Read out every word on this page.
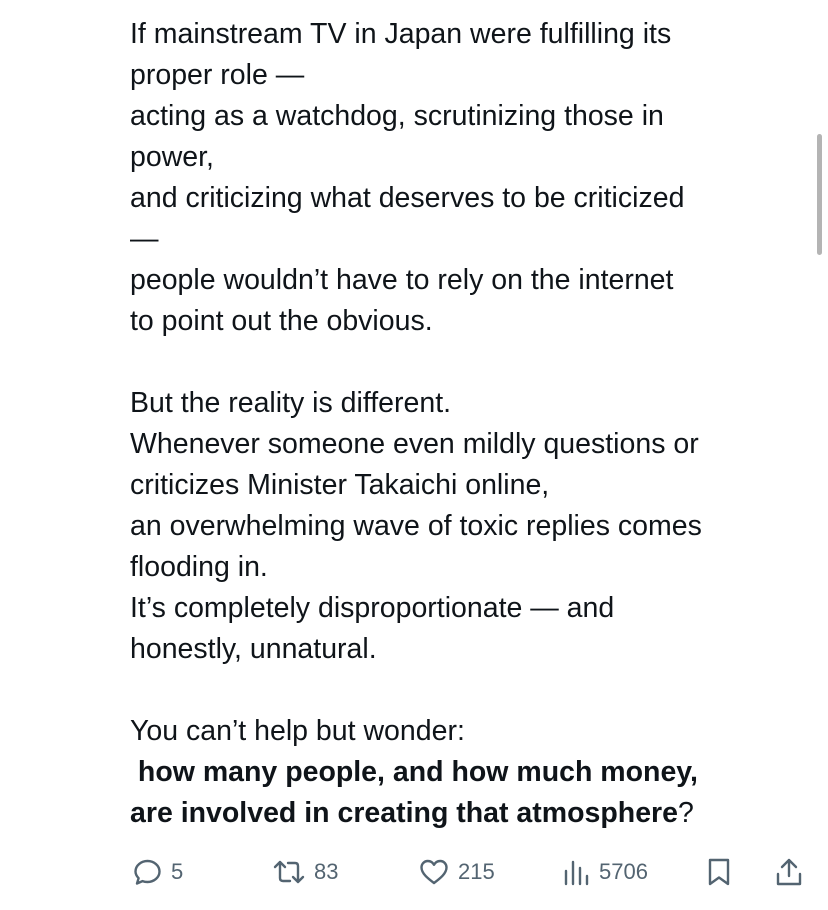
If mainstream TV in Japan were fulfilling its
proper role —
acting as a watchdog, scrutinizing those in
power,
and criticizing what deserves to be criticized
—
people wouldn’t have to rely on the internet
to point out the obvious.
But the reality is different.
Whenever someone even mildly questions or
criticizes Minister Takaichi online,
an overwhelming wave of toxic replies comes
flooding in.
It’s completely disproportionate — and
honestly, unnatural.
You can’t help but wonder:
how many people, and how much money,
are involved in creating that atmosphere?
5	83	215	5706
